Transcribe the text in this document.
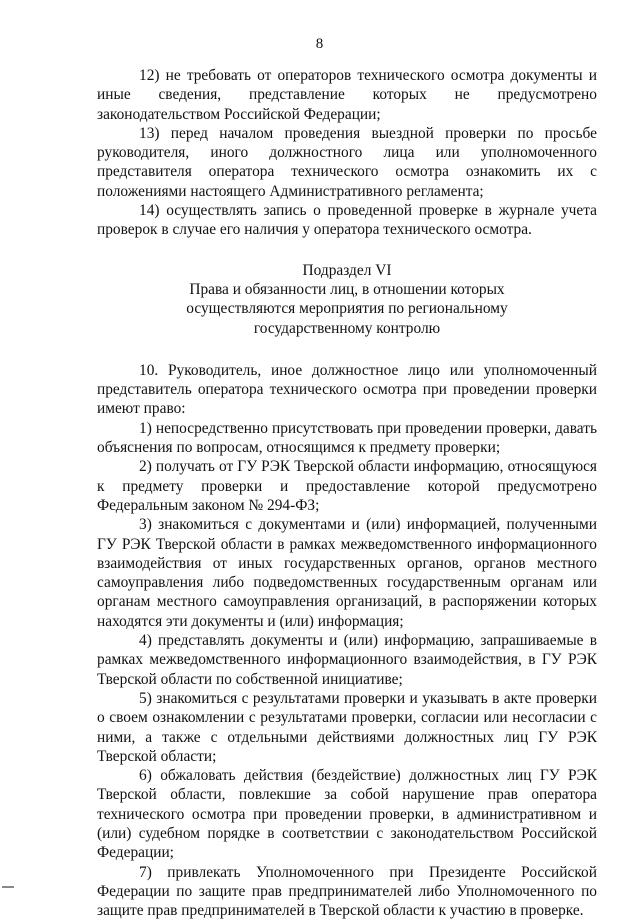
8

12) не требовать от операторов технического осмотра документы и иные сведения, представление которых не предусмотрено законодательством Российской Федерации;

13) перед началом проведения выездной проверки по просьбе руководителя, иного должностного лица или уполномоченного представителя оператора технического осмотра ознакомить их с положениями настоящего Административного регламента;

14) осуществлять запись о проведенной проверке в журнале учета проверок в случае его наличия у оператора технического осмотра.

Подраздел VI
Права и обязанности лиц, в отношении которых
осуществляются мероприятия по региональному
государственному контролю

10. Руководитель, иное должностное лицо или уполномоченный представитель оператора технического осмотра при проведении проверки имеют право:

1) непосредственно присутствовать при проведении проверки, давать объяснения по вопросам, относящимся к предмету проверки;

2) получать от ГУ РЭК Тверской области информацию, относящуюся к предмету проверки и предоставление которой предусмотрено Федеральным законом № 294-ФЗ;

3) знакомиться с документами и (или) информацией, полученными ГУ РЭК Тверской области в рамках межведомственного информационного взаимодействия от иных государственных органов, органов местного самоуправления либо подведомственных государственным органам или органам местного самоуправления организаций, в распоряжении которых находятся эти документы и (или) информация;

4) представлять документы и (или) информацию, запрашиваемые в рамках межведомственного информационного взаимодействия, в ГУ РЭК Тверской области по собственной инициативе;

5) знакомиться с результатами проверки и указывать в акте проверки о своем ознакомлении с результатами проверки, согласии или несогласии с ними, а также с отдельными действиями должностных лиц ГУ РЭК Тверской области;

6) обжаловать действия (бездействие) должностных лиц ГУ РЭК Тверской области, повлекшие за собой нарушение прав оператора технического осмотра при проведении проверки, в административном и (или) судебном порядке в соответствии с законодательством Российской Федерации;

7) привлекать Уполномоченного при Президенте Российской Федерации по защите прав предпринимателей либо Уполномоченного по защите прав предпринимателей в Тверской области к участию в проверке.
